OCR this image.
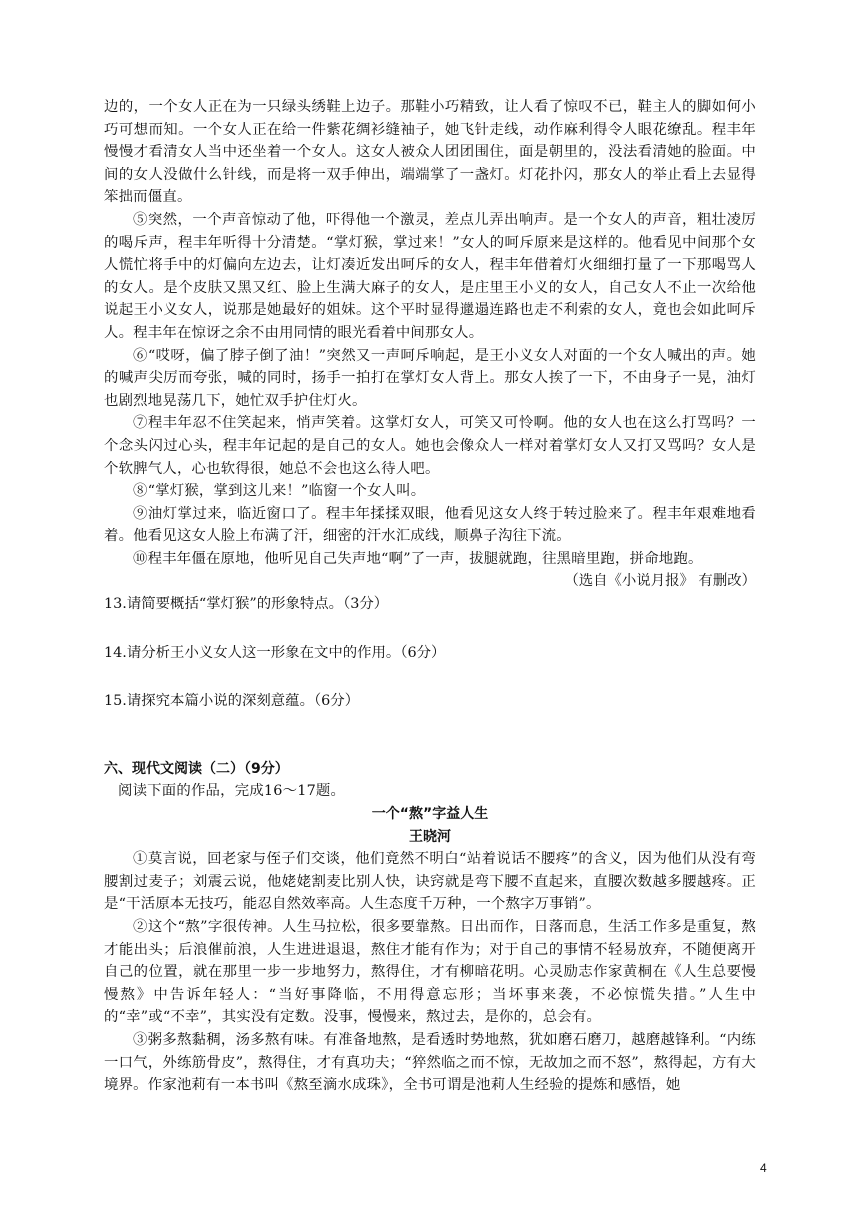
边的，一个女人正在为一只绿头绣鞋上边子。那鞋小巧精致，让人看了惊叹不已，鞋主人的脚如何小巧可想而知。一个女人正在给一件紫花绸衫缝袖子，她飞针走线，动作麻利得令人眼花缭乱。程丰年慢慢才看清女人当中还坐着一个女人。这女人被众人团团围住，面是朝里的，没法看清她的脸面。中间的女人没做什么针线，而是将一双手伸出，端端掌了一盏灯。灯花扑闪，那女人的举止看上去显得笨拙而僵直。

⑤突然，一个声音惊动了他，吓得他一个激灵，差点儿弄出响声。是一个女人的声音，粗壮凌厉的喝斥声，程丰年听得十分清楚。“掌灯猴，掌过来！”女人的呵斥原来是这样的。他看见中间那个女人慌忙将手中的灯偏向左边去，让灯凑近发出呵斥的女人，程丰年借着灯火细细打量了一下那喝骂人的女人。是个皮肤又黑又红、脸上生满大麻子的女人，是庄里王小义的女人，自己女人不止一次给他说起王小义女人，说那是她最好的姐妹。这个平时显得邋遢连路也走不利索的女人，竟也会如此呵斥人。程丰年在惊讶之余不由用同情的眼光看着中间那女人。

⑥“哎呀，偏了脖子倒了油！”突然又一声呵斥响起，是王小义女人对面的一个女人喊出的声。她的喊声尖厉而夸张，喊的同时，扬手一拍打在掌灯女人背上。那女人挨了一下，不由身子一晃，油灯也剧烈地晃荡几下，她忙双手护住灯火。

⑦程丰年忍不住笑起来，悄声笑着。这掌灯女人，可笑又可怜啊。他的女人也在这么打骂吗？一个念头闪过心头，程丰年记起的是自己的女人。她也会像众人一样对着掌灯女人又打又骂吗？女人是个软脾气人，心也软得很，她总不会也这么待人吧。

⑧“掌灯猴，掌到这儿来！”临窗一个女人叫。

⑨油灯掌过来，临近窗口了。程丰年揉揉双眼，他看见这女人终于转过脸来了。程丰年艰难地看着。他看见这女人脸上布满了汗，细密的汗水汇成线，顺鼻子沟往下流。

⑩程丰年僵在原地，他听见自己失声地“啊”了一声，拔腿就跑，往黑暗里跑，拼命地跑。

（选自《小说月报》 有删改）

13.请简要概括“掌灯猴”的形象特点。（3分）

14.请分析王小义女人这一形象在文中的作用。（6分）

15.请探究本篇小说的深刻意蕴。（6分）

六、现代文阅读（二）（9分）

阅读下面的作品，完成16～17题。

一个“熬”字益人生

王晓河

①莫言说，回老家与侄子们交谈，他们竟然不明白“站着说话不腰疼”的含义，因为他们从没有弯腰割过麦子；刘震云说，他姥姥割麦比别人快，诀窍就是弯下腰不直起来，直腰次数越多腰越疼。正是“干活原本无技巧，能忍自然效率高。人生态度千万种，一个熬字万事销”。

②这个“熬”字很传神。人生马拉松，很多要靠熬。日出而作，日落而息，生活工作多是重复，熬才能出头；后浪催前浪，人生进进退退，熬住才能有作为；对于自己的事情不轻易放弃，不随便离开自己的位置，就在那里一步一步地努力，熬得住，才有柳暗花明。心灵励志作家黄桐在《人生总要慢慢熬》中告诉年轻人：“当好事降临，不用得意忘形；当坏事来袭，不必惊慌失措。”人生中的“幸”或“不幸”，其实没有定数。没事，慢慢来，熬过去，是你的，总会有。

③粥多熬黏稠，汤多熬有味。有准备地熬，是看透时势地熬，犹如磨石磨刀，越磨越锋利。“内练一口气，外练筋骨皮”，熬得住，才有真功夫；“猝然临之而不惊，无故加之而不怒”，熬得起，方有大境界。作家池莉有一本书叫《熬至滴水成珠》，全书可谓是池莉人生经验的提炼和感悟，她

4
